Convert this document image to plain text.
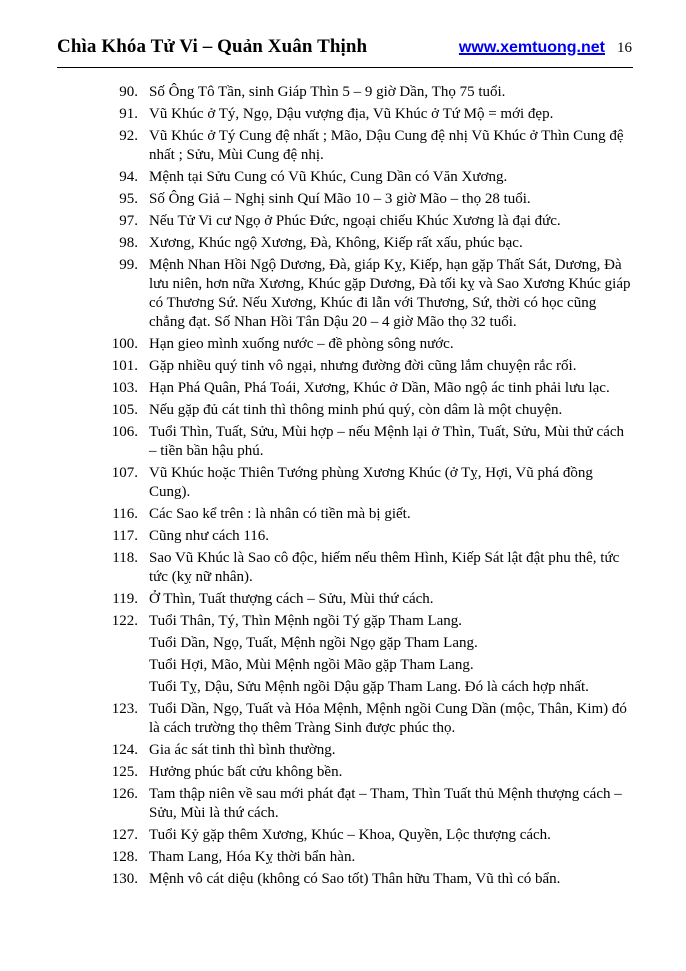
Chìa Khóa Tử Vi – Quản Xuân Thịnh	www.xemtuong.net 16
90. Số Ông Tô Tần, sinh Giáp Thìn 5 – 9 giờ Dần, Thọ 75 tuổi.
91. Vũ Khúc ở Tý, Ngọ, Dậu vượng địa, Vũ Khúc ở Tứ Mộ = mới đẹp.
92. Vũ Khúc ở Tý Cung đệ nhất ; Mão, Dậu Cung đệ nhị Vũ Khúc ở Thìn Cung đệ nhất ; Sửu, Mùi Cung đệ nhị.
94. Mệnh tại Sửu Cung có Vũ Khúc, Cung Dần có Văn Xương.
95. Số Ông Giả – Nghị sinh Quí Mão 10 – 3 giờ Mão – thọ 28 tuổi.
97. Nếu Tử Vi cư Ngọ ở Phúc Đức, ngoại chiếu Khúc Xương là đại đức.
98. Xương, Khúc ngộ Xương, Đà, Không, Kiếp rất xấu, phúc bạc.
99. Mệnh Nhan Hồi Ngộ Dương, Đà, giáp Kỵ, Kiếp, hạn gặp Thất Sát, Dương, Đà lưu niên, hơn nữa Xương, Khúc gặp Dương, Đà tối kỵ và Sao Xương Khúc giáp có Thương Sứ. Nếu Xương, Khúc đi lẫn với Thương, Sứ, thời có học cũng chẳng đạt. Số Nhan Hồi Tân Dậu 20 – 4 giờ Mão thọ 32 tuổi.
100. Hạn gieo mình xuống nước – đề phòng sông nước.
101. Gặp nhiều quý tinh vô ngại, nhưng đường đời cũng lắm chuyện rắc rối.
103. Hạn Phá Quân, Phá Toái, Xương, Khúc ở Dần, Mão ngộ ác tinh phải lưu lạc.
105. Nếu gặp đủ cát tinh thì thông minh phú quý, còn dâm là một chuyện.
106. Tuổi Thìn, Tuất, Sửu, Mùi hợp – nếu Mệnh lại ở Thìn, Tuất, Sửu, Mùi thử cách – tiền bần hậu phú.
107. Vũ Khúc hoặc Thiên Tướng phùng Xương Khúc (ở Tỵ, Hợi, Vũ phá đồng Cung).
116. Các Sao kể trên : là nhân có tiền mà bị giết.
117. Cũng như cách 116.
118. Sao Vũ Khúc là Sao cô độc, hiếm nếu thêm Hình, Kiếp Sát lật đật phu thê, tức tức (kỵ nữ nhân).
119. Ở Thìn, Tuất thượng cách – Sửu, Mùi thứ cách.
122. Tuổi Thân, Tý, Thìn Mệnh ngồi Tý gặp Tham Lang.
Tuổi Dần, Ngọ, Tuất, Mệnh ngồi Ngọ gặp Tham Lang.
Tuổi Hợi, Mão, Mùi Mệnh ngồi Mão gặp Tham Lang.
Tuổi Tỵ, Dậu, Sửu Mệnh ngồi Dậu gặp Tham Lang. Đó là cách hợp nhất.
123. Tuổi Dần, Ngọ, Tuất và Hỏa Mệnh, Mệnh ngồi Cung Dần (mộc, Thân, Kim) đó là cách trường thọ thêm Tràng Sinh được phúc thọ.
124. Gia ác sát tinh thì bình thường.
125. Hưởng phúc bất cửu không bền.
126. Tam thập niên về sau mới phát đạt – Tham, Thìn Tuất thủ Mệnh thượng cách – Sửu, Mùi là thứ cách.
127. Tuổi Kỷ gặp thêm Xương, Khúc – Khoa, Quyền, Lộc thượng cách.
128. Tham Lang, Hóa Kỵ thời bẩn hàn.
130. Mệnh vô cát diệu (không có Sao tốt) Thân hữu Tham, Vũ thì có bẩn.
